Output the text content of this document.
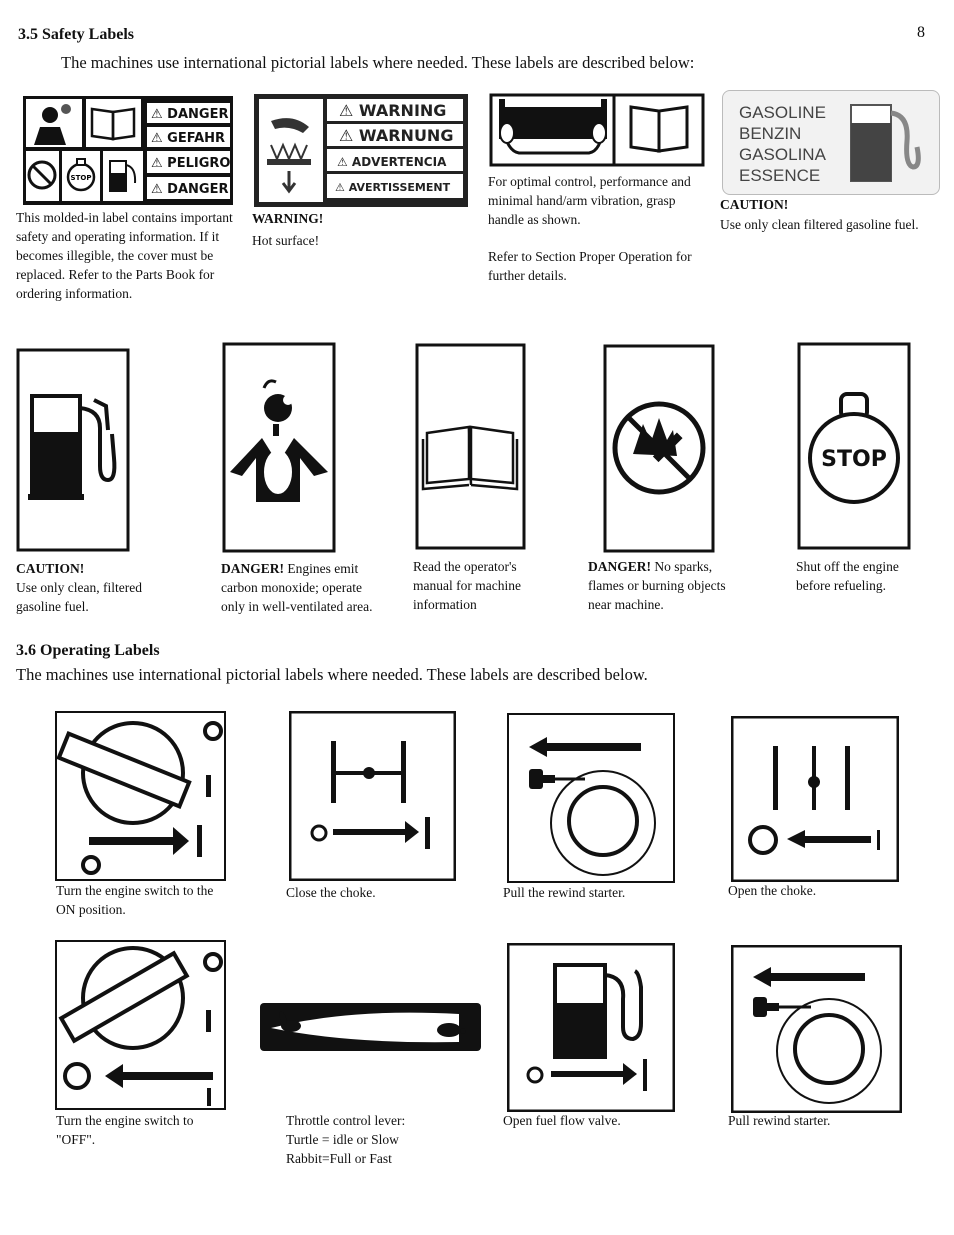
8
3.5 Safety Labels
The machines use international pictorial labels where needed. These labels are described below:
STOP
⚠ DANGER
⚠ GEFAHR
⚠ PELIGRO
⚠ DANGER
This molded-in label contains important safety and operating information. If it becomes illegible, the cover must be replaced. Refer to the Parts Book for ordering information.
⚠ WARNING
⚠ WARNUNG
⚠ ADVERTENCIA
⚠ AVERTISSEMENT
WARNING!
Hot surface!
For optimal control, performance and minimal hand/arm vibration, grasp handle as shown.
Refer to Section Proper Operation for further details.
GASOLINE
BENZIN
GASOLINA
ESSENCE
CAUTION!
Use only clean filtered gasoline fuel.
STOP
CAUTION!
Use only clean, filtered gasoline fuel.
DANGER! Engines emit carbon monoxide; operate only in well-ventilated area.
Read the operator's manual for machine information
DANGER! No sparks, flames or burning objects near machine.
Shut off the engine before refueling.
3.6 Operating Labels
The machines use international pictorial labels where needed. These labels are described below.
Turn the engine switch to the ON position.
Close the choke.	Pull the rewind starter.	Open the choke.
Turn the engine switch to "OFF".
Throttle control lever:
Turtle = idle or Slow
Rabbit=Full or Fast
Open fuel flow valve.	Pull rewind starter.
